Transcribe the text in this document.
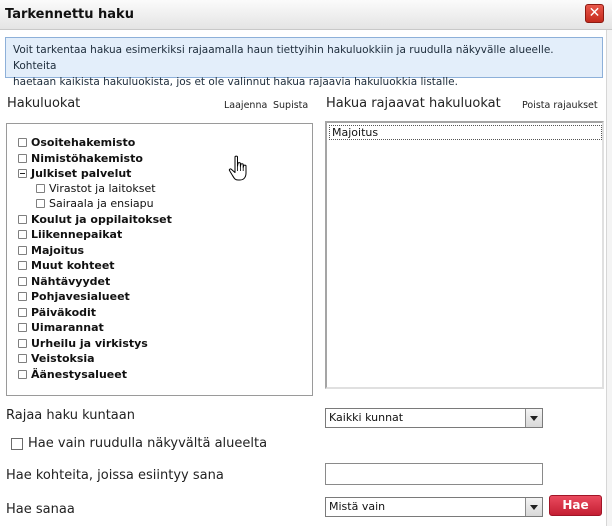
Tarkennettu haku	✕
Voit tarkentaa hakua esimerkiksi rajaamalla haun tiettyihin hakuluokkiin ja ruudulla näkyvälle alueelle. Kohteita
haetaan kaikista hakuluokista, jos et ole valinnut hakua rajaavia hakuluokkia listalle.
Hakuluokat	Laajenna Supista
Osoitehakemisto
Nimistöhakemisto
Julkiset palvelut
Virastot ja laitokset
Sairaala ja ensiapu
Koulut ja oppilaitokset
Liikennepaikat
Majoitus
Muut kohteet
Nähtävyydet
Pohjavesialueet
Päiväkodit
Uimarannat
Urheilu ja virkistys
Veistoksia
Äänestysalueet
Hakua rajaavat hakuluokat Poista rajaukset
Majoitus
Rajaa haku kuntaan	Kaikki kunnat
Hae vain ruudulla näkyvältä alueelta
Hae kohteita, joissa esiintyy sana
Hae sanaa	Mistä vain	Hae
